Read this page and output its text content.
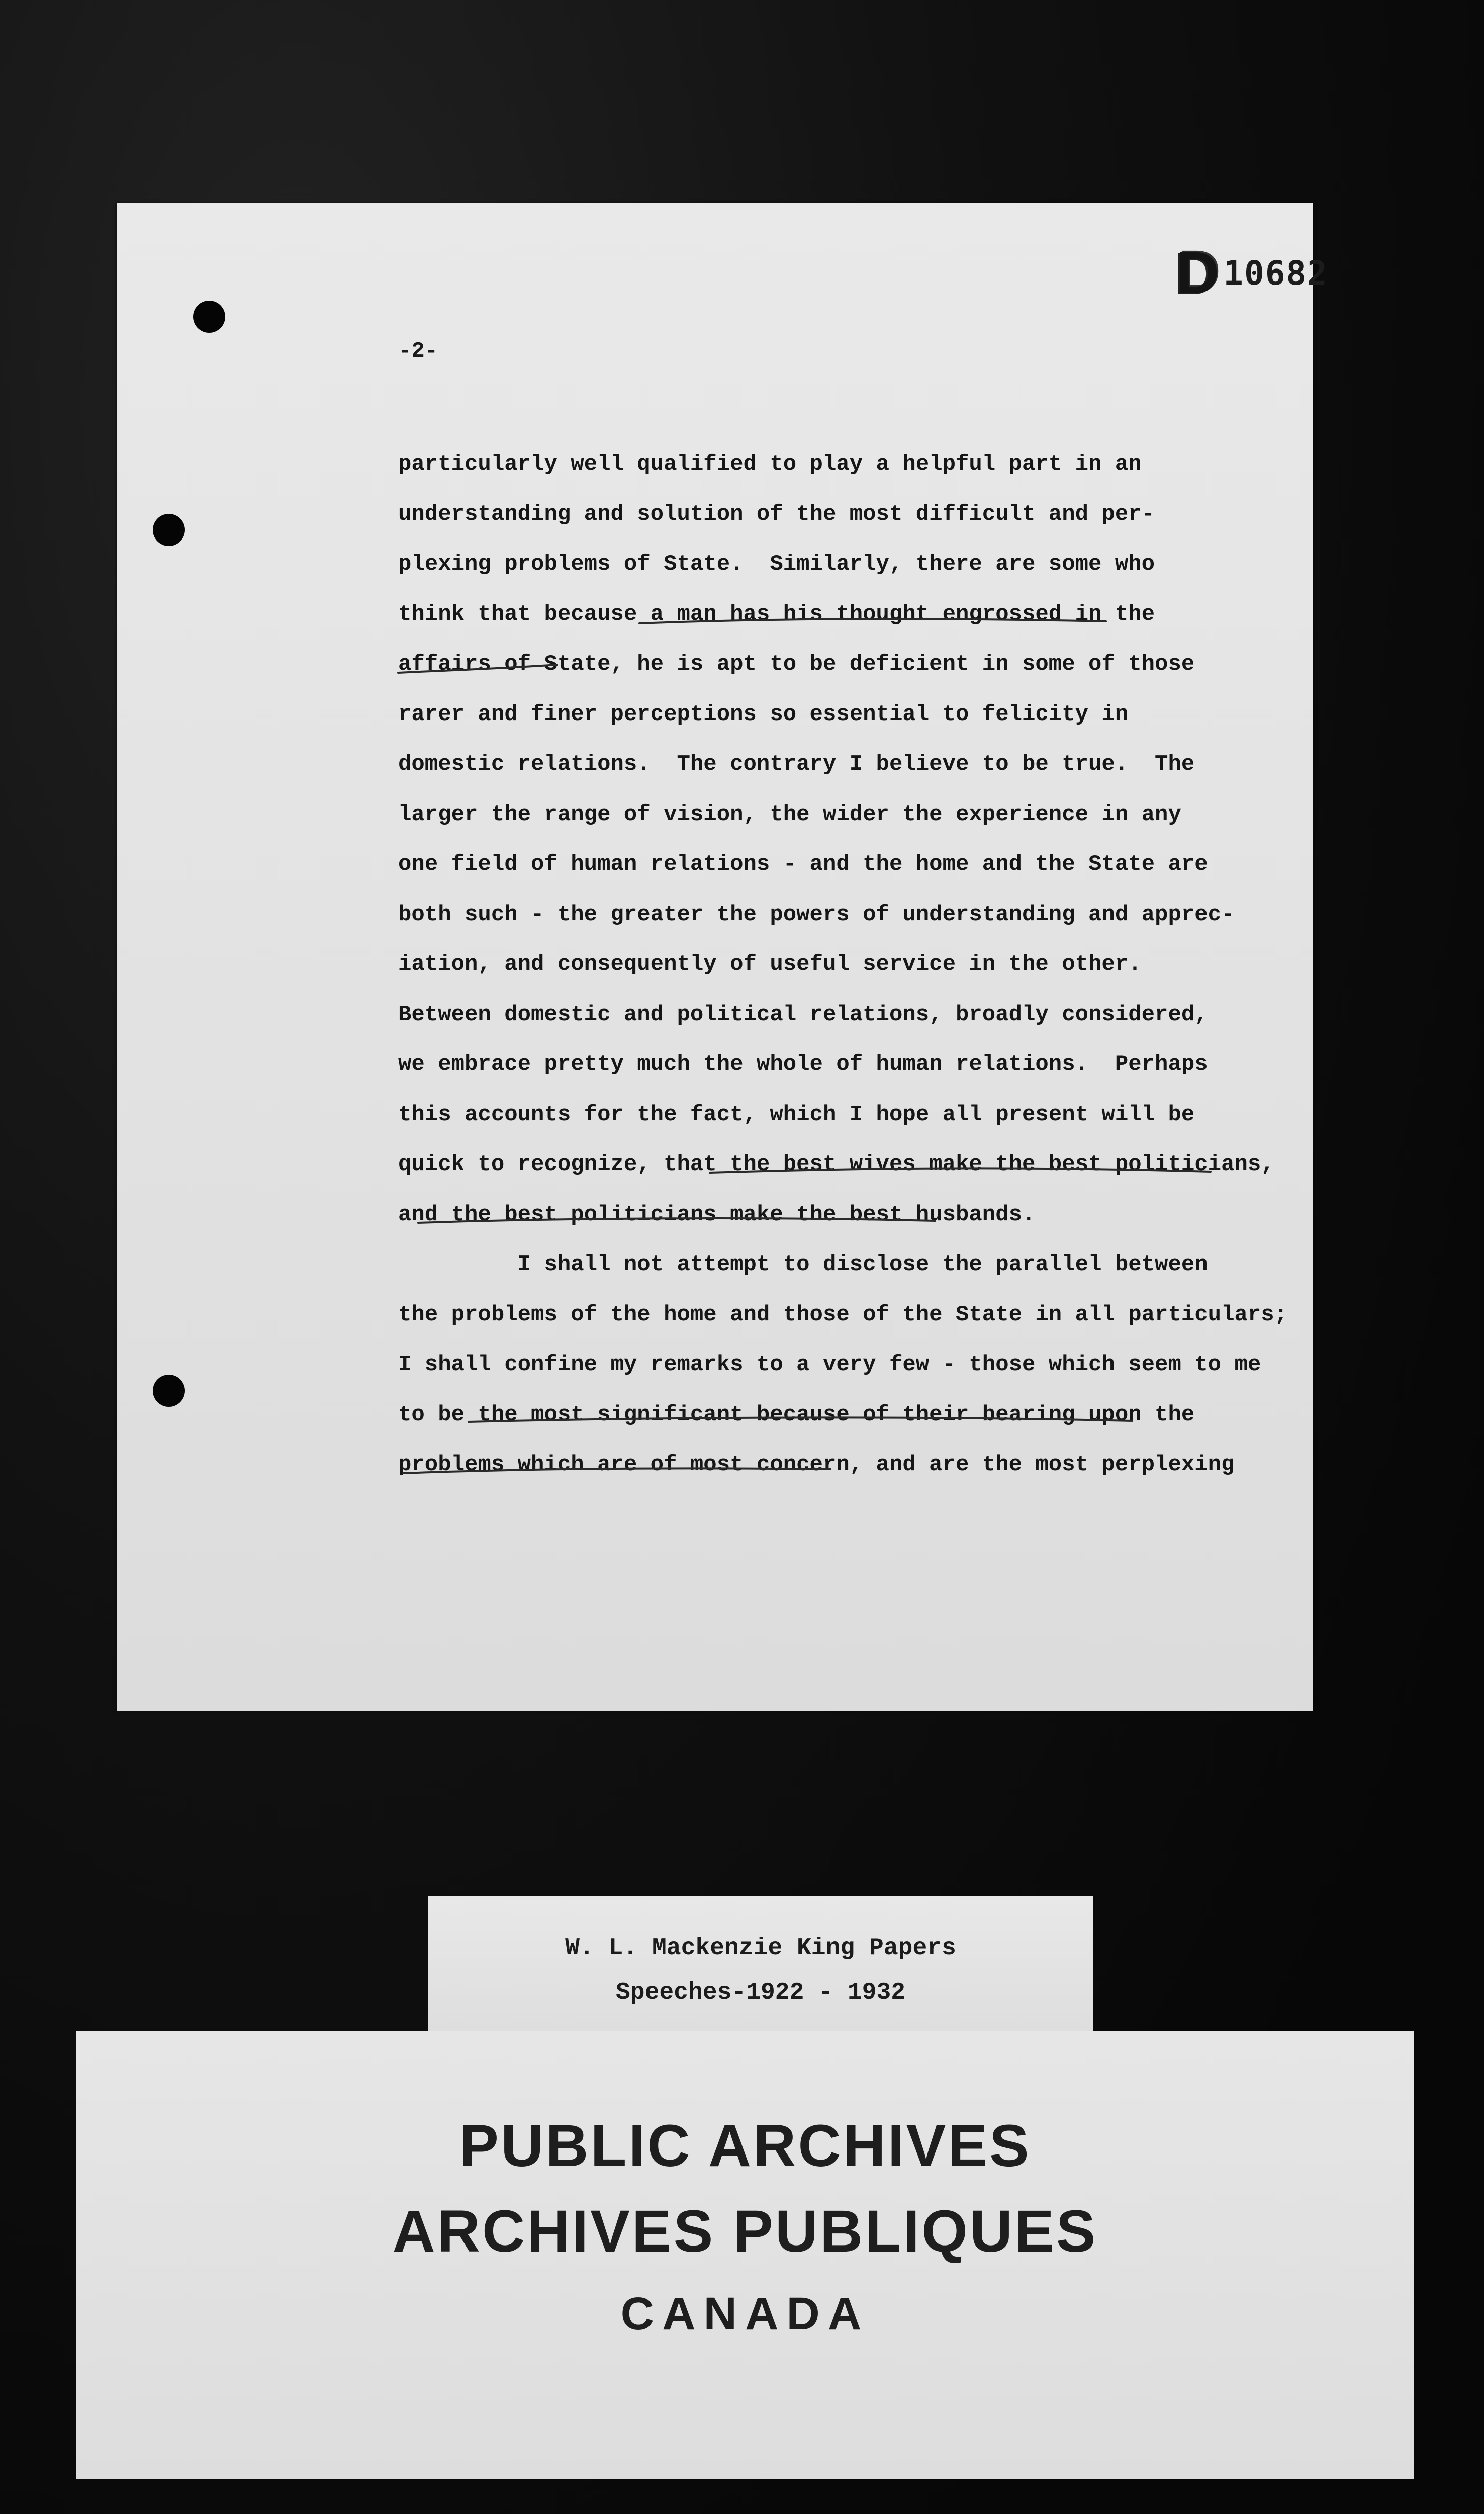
D 10682
-2-
particularly well qualified to play a helpful part in an
understanding and solution of the most difficult and per-
plexing problems of State.  Similarly, there are some who
think that because a man has his thought engrossed in the
affairs of State, he is apt to be deficient in some of those
rarer and finer perceptions so essential to felicity in
domestic relations.  The contrary I believe to be true.  The
larger the range of vision, the wider the experience in any
one field of human relations - and the home and the State are
both such - the greater the powers of understanding and apprec-
iation, and consequently of useful service in the other.
Between domestic and political relations, broadly considered,
we embrace pretty much the whole of human relations.  Perhaps
this accounts for the fact, which I hope all present will be
quick to recognize, that the best wives make the best politicians,
and the best politicians make the best husbands.
I shall not attempt to disclose the parallel between
the problems of the home and those of the State in all particulars;
I shall confine my remarks to a very few - those which seem to me
to be the most significant because of their bearing upon the
problems which are of most concern, and are the most perplexing
W. L. Mackenzie King Papers
Speeches-1922 - 1932
PUBLIC ARCHIVES
ARCHIVES PUBLIQUES
CANADA
